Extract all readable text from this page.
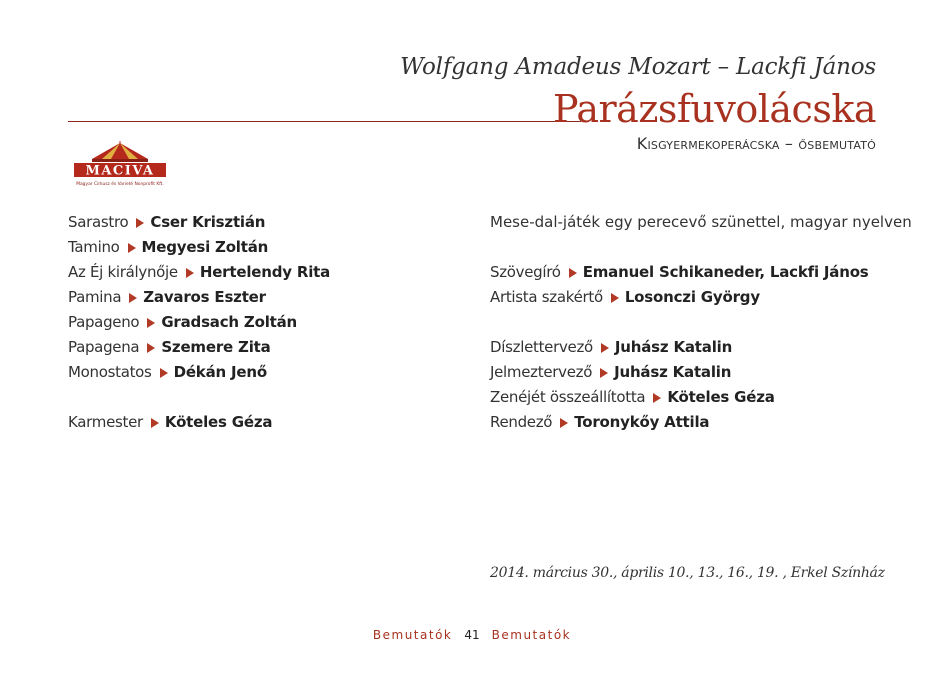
Wolfgang Amadeus Mozart – Lackfi János
Parázsfuvolácska
Kisgyermekoperácska – ősbemutató
MACIVA
Magyar Cirkusz és Varieté Nonprofit Kft.
Sarastro Cser Krisztián
Tamino Megyesi Zoltán
Az Éj királynője Hertelendy Rita
Pamina Zavaros Eszter
Papageno Gradsach Zoltán
Papagena Szemere Zita
Monostatos Dékán Jenő
Karmester Köteles Géza
Mese-dal-játék egy perecevő szünettel, magyar nyelven
Szövegíró Emanuel Schikaneder, Lackfi János
Artista szakértő Losonczi György
Díszlettervező Juhász Katalin
Jelmeztervező Juhász Katalin
Zenéjét összeállította Köteles Géza
Rendező Toronykőy Attila
2014. március 30., április 10., 13., 16., 19. , Erkel Színház
Bemutatók 41 Bemutatók
